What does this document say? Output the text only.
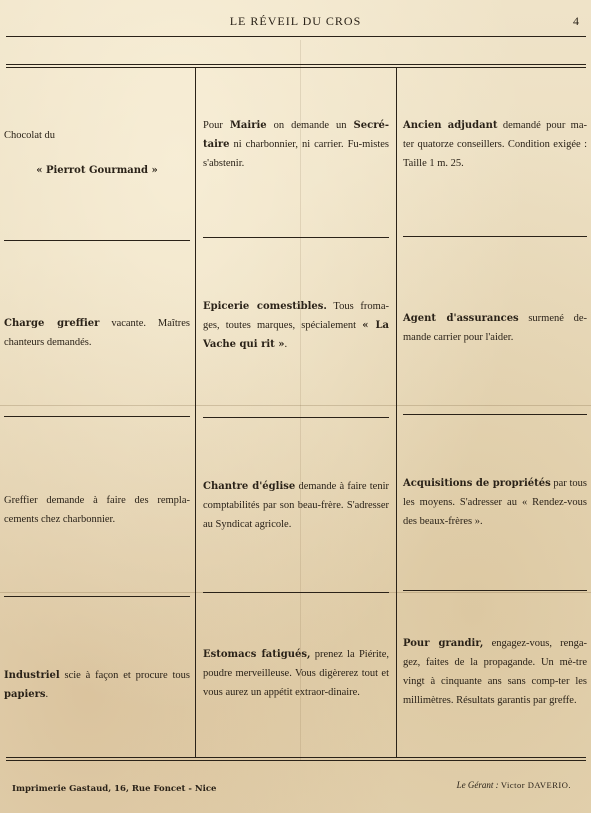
LE RÉVEIL DU CROS	4
Chocolat du
« Pierrot Gourmand »
Pour Mairie on demande un Secré-taire ni charbonnier, ni carrier. Fu-mistes s'abstenir.
Ancien adjudant demandé pour ma-ter quatorze conseillers. Condition exigée : Taille 1 m. 25.
Charge greffier vacante. Maîtres chanteurs demandés.
Epicerie comestibles. Tous froma-ges, toutes marques, spécialement « La Vache qui rit ».
Agent d'assurances surmené de-mande carrier pour l'aider.
Greffier demande à faire des rempla-cements chez charbonnier.
Chantre d'église demande à faire tenir comptabilités par son beau-frère. S'adresser au Syndicat agricole.
Acquisitions de propriétés par tous les moyens. S'adresser au « Rendez-vous des beaux-frères ».
Industriel scie à façon et procure tous papiers.
Estomacs fatigués, prenez la Piérite, poudre merveilleuse. Vous digèrerez tout et vous aurez un appétit extraor-dinaire.
Pour grandir, engagez-vous, renga-gez, faites de la propagande. Un mè-tre vingt à cinquante ans sans comp-ter les millimètres. Résultats garantis par greffe.
Imprimerie Gastaud, 16, Rue Foncet - Nice	Le Gérant : Victor DAVERIO.
